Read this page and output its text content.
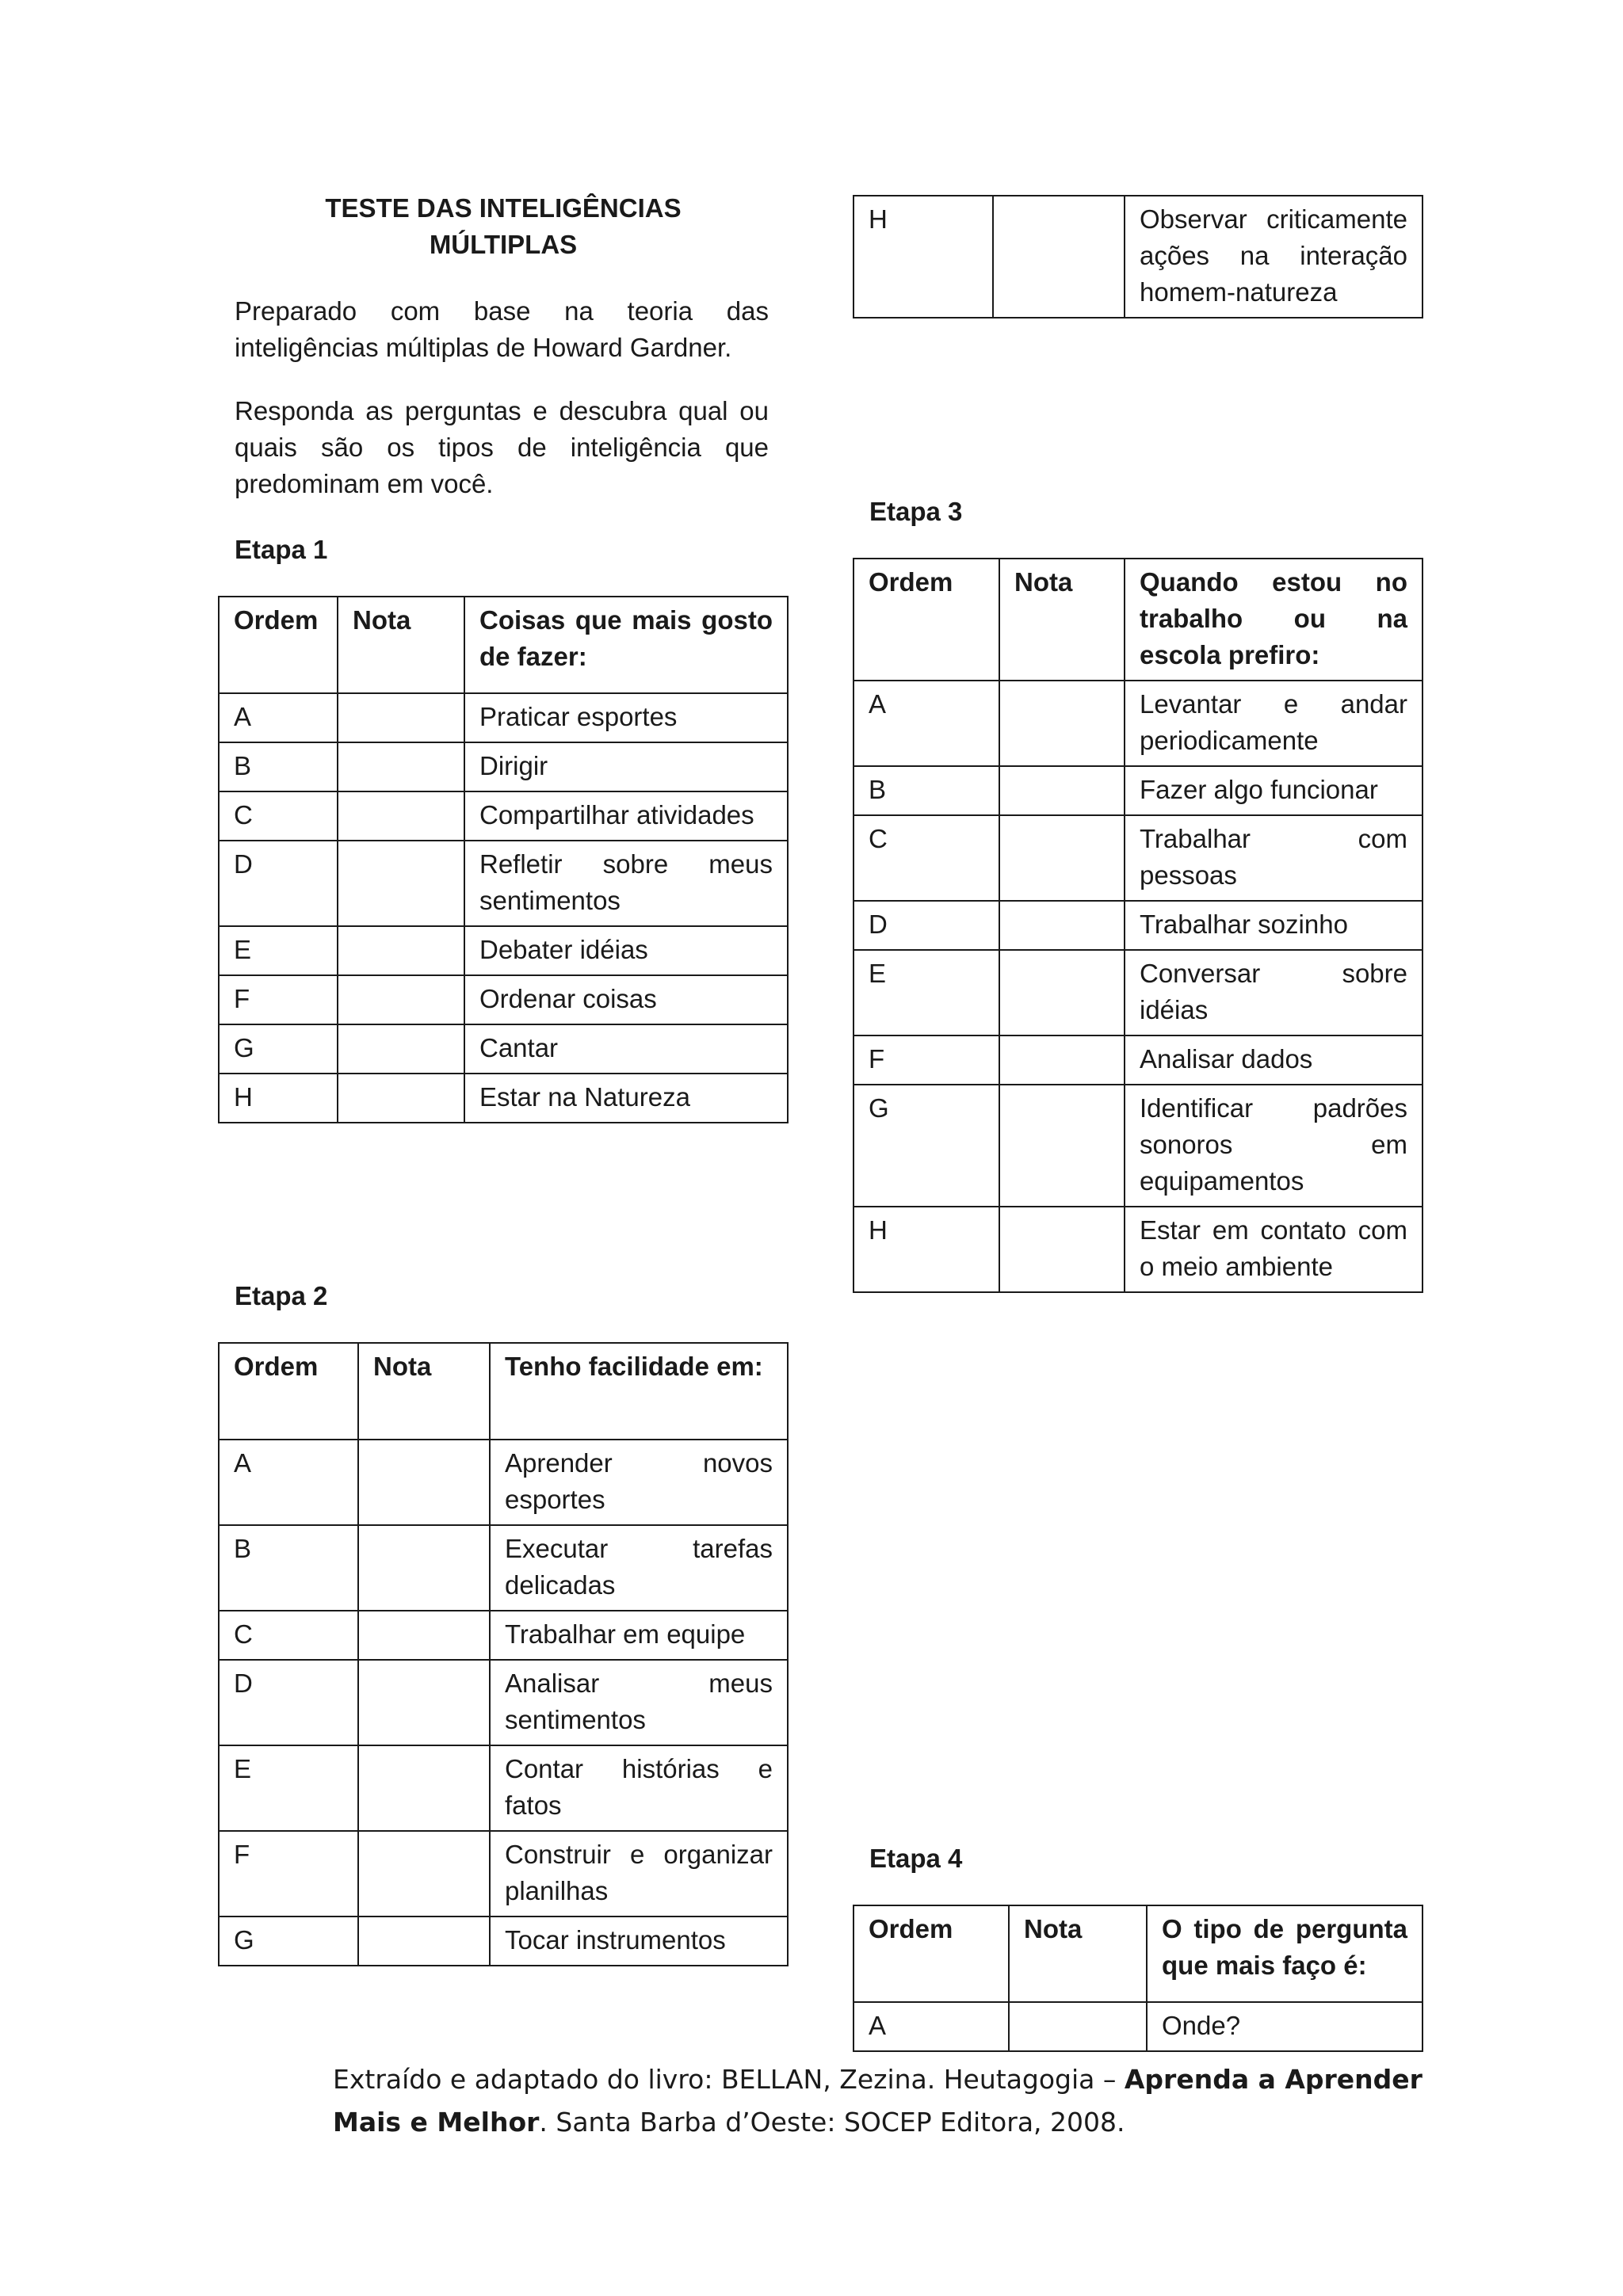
TESTE DAS INTELIGÊNCIAS
MÚLTIPLAS
Preparado com base na teoria das inteligências múltiplas de Howard Gardner.
Responda as perguntas e descubra qual ou quais são os tipos de inteligência que predominam em você.
Etapa 1
Ordem	Nota	Coisas que mais gosto de fazer:
A		Praticar esportes
B		Dirigir
C		Compartilhar atividades
D		Refletir sobre meus sentimentos
E		Debater idéias
F		Ordenar coisas
G		Cantar
H		Estar na Natureza
Etapa 2
Ordem	Nota	Tenho facilidade em:
A		Aprender novos esportes
B		Executar tarefas delicadas
C		Trabalhar em equipe
D		Analisar meus sentimentos
E		Contar histórias e fatos
F		Construir e organizar planilhas
G		Tocar instrumentos
H		Observar criticamente ações na interação homem-natureza
Etapa 3
Ordem	Nota	Quando estou no trabalho ou na escola prefiro:
A		Levantar e andar periodicamente
B		Fazer algo funcionar
C		Trabalhar com pessoas
D		Trabalhar sozinho
E		Conversar sobre idéias
F		Analisar dados
G		Identificar padrões sonoros em equipamentos
H		Estar em contato com o meio ambiente
Etapa 4
Ordem	Nota	O tipo de pergunta que mais faço é:
A		Onde?
Extraído e adaptado do livro: BELLAN, Zezina. Heutagogia – Aprenda a Aprender Mais e Melhor. Santa Barba d’Oeste: SOCEP Editora, 2008.
